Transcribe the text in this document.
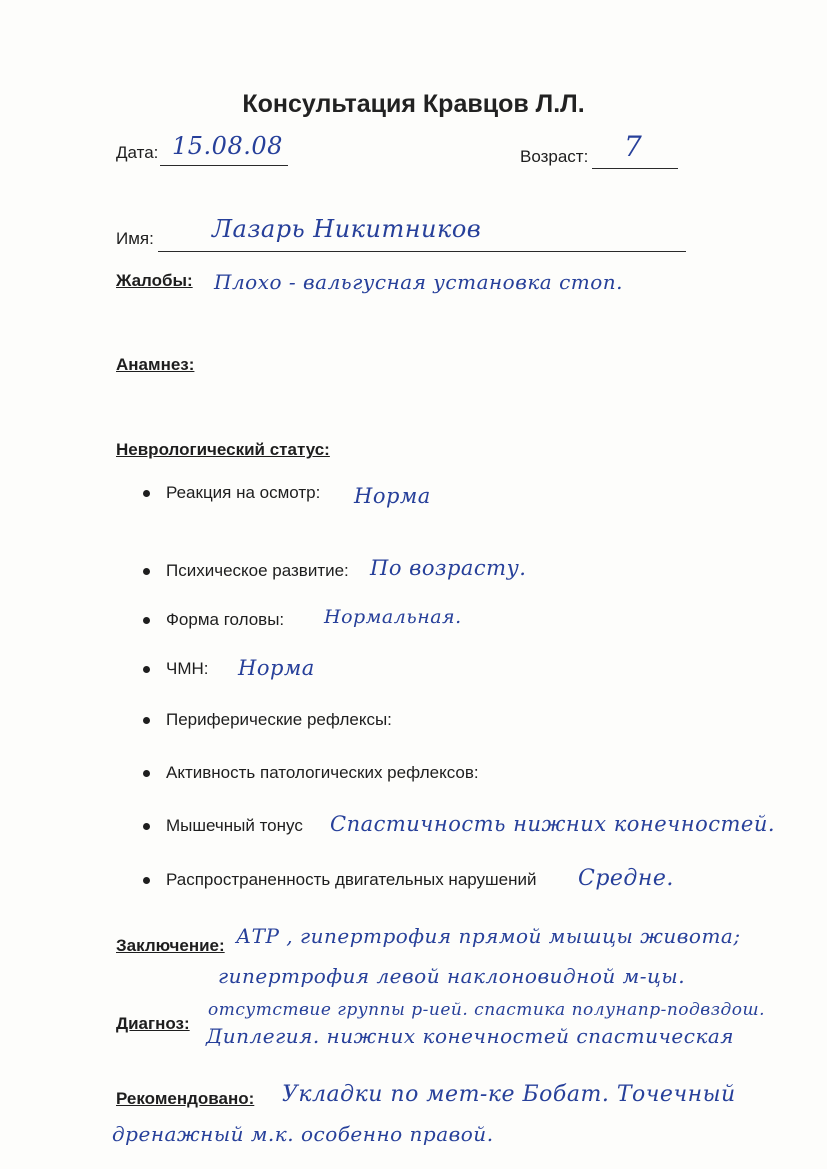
Консультация Кравцов Л.Л.
Дата: 15.08.08	Возраст: 7
Имя: Лазарь Никитников
Жалобы: Плохо - вальгусная установка стоп.
Анамнез:
Неврологический статус:
Реакция на осмотр: Норма
Психическое развитие: По возрасту.
Форма головы: Нормальная.
ЧМН: Норма
Периферические рефлексы:
Активность патологических рефлексов:
Мышечный тонус Спастичность нижних конечностей.
Распространенность двигательных нарушений Средне.
Заключение: АТР , гипертрофия прямой мышцы живота;
гипертрофия левой наклоновидной м-цы.
отсутствие группы р-ией. спастика полунапр-подвздош.
Диагноз:
Диплегия. нижних конечностей спастическая
Рекомендовано: Укладки по мет-ке Бобат. Точечный
дренажный м.к. особенно правой.
